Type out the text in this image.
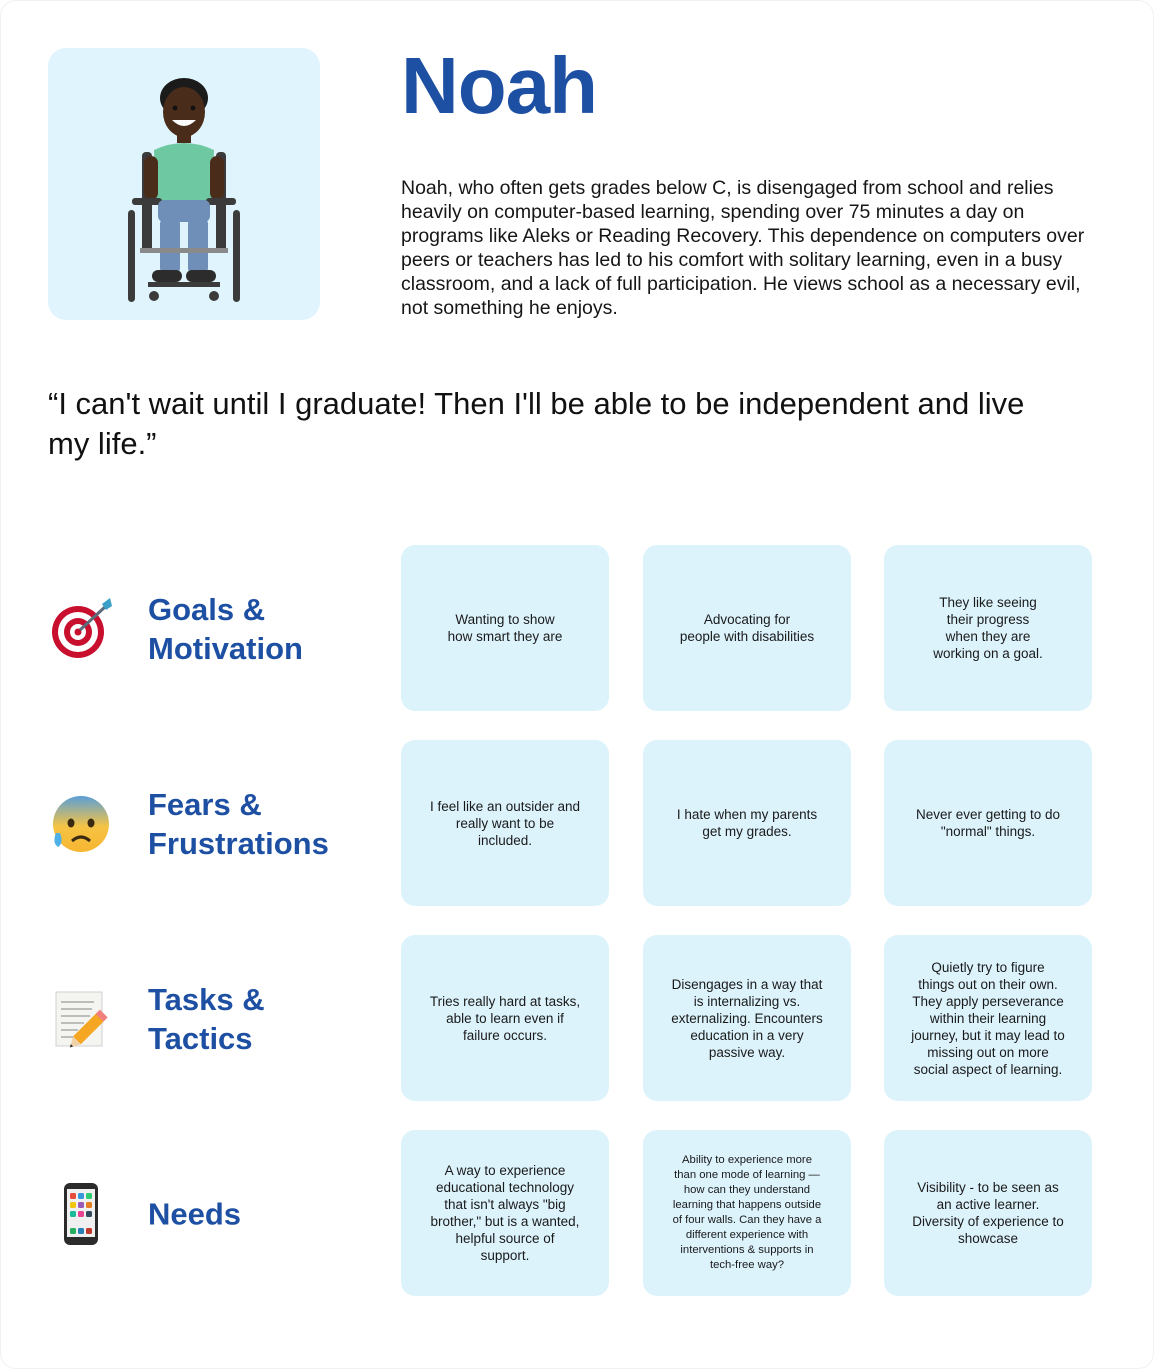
Noah

Noah, who often gets grades below C, is disengaged from school and relies heavily on computer-based learning, spending over 75 minutes a day on programs like Aleks or Reading Recovery. This dependence on computers over peers or teachers has led to his comfort with solitary learning, even in a busy classroom, and a lack of full participation. He views school as a necessary evil, not something he enjoys.

“I can't wait until I graduate! Then I'll be able to be independent and live my life.”

Goals &
Motivation
Wanting to show
how smart they are
Advocating for
people with disabilities
They like seeing
their progress
when they are
working on a goal.
Fears &
Frustrations
I feel like an outsider and
really want to be
included.
I hate when my parents
get my grades.
Never ever getting to do
"normal" things.
Tasks &
Tactics
Tries really hard at tasks,
able to learn even if
failure occurs.
Disengages in a way that
is internalizing vs.
externalizing. Encounters
education in a very
passive way.
Quietly try to figure
things out on their own.
They apply perseverance
within their learning
journey, but it may lead to
missing out on more
social aspect of learning.
Needs
A way to experience
educational technology
that isn't always "big
brother," but is a wanted,
helpful source of
support.
Ability to experience more
than one mode of learning —
how can they understand
learning that happens outside
of four walls. Can they have a
different experience with
interventions & supports in
tech-free way?
Visibility - to be seen as
an active learner.
Diversity of experience to
showcase
